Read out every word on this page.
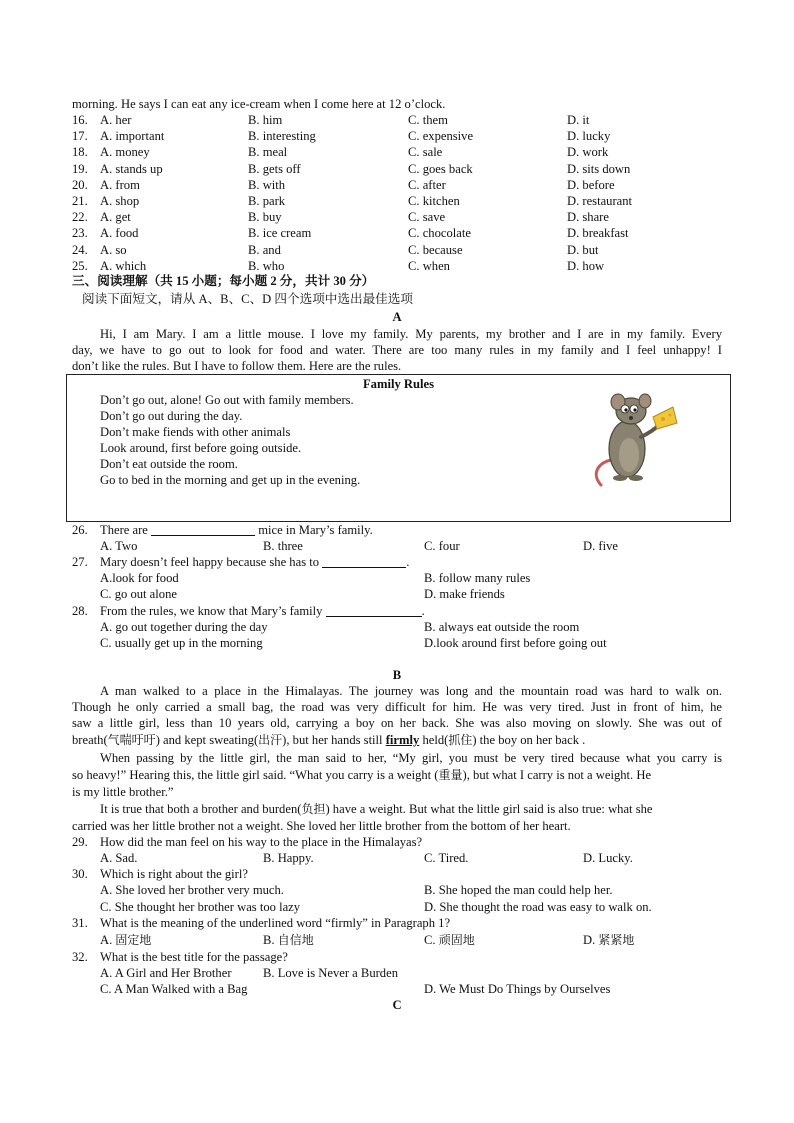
morning. He says I can eat any ice-cream when I come here at 12 o’clock.
16. A. her	B. him	C. them	D. it
17. A. important	B. interesting	C. expensive	D. lucky
18. A. money	B. meal	C. sale	D. work
19. A. stands up	B. gets off	C. goes back	D. sits down
20. A. from	B. with	C. after	D. before
21. A. shop	B. park	C. kitchen	D. restaurant
22. A. get	B. buy	C. save	D. share
23. A. food	B. ice cream	C. chocolate	D. breakfast
24. A. so	B. and	C. because	D. but
25. A. which	B. who	C. when	D. how
三、阅读理解（共 15 小题；每小题 2 分，共计 30 分）
阅读下面短文，请从 A、B、C、D 四个选项中选出最佳选项
A
Hi, I am Mary. I am a little mouse. I love my family. My parents, my brother and I are in my family. Every
day, we have to go out to look for food and water. There are too many rules in my family and I feel unhappy! I
don’t like the rules. But I have to follow them. Here are the rules.
Family Rules
Don’t go out, alone! Go out with family members.
Don’t go out during the day.
Don’t make fiends with other animals
Look around, first before going outside.
Don’t eat outside the room.
Go to bed in the morning and get up in the evening.
26. There are	mice in Mary’s family.
A. Two	B. three	C. four	D. five
27. Mary doesn’t feel happy because she has to	.
A.look for food	B. follow many rules
C. go out alone	D. make friends
28. From the rules, we know that Mary’s family	.
A. go out together during the day	B. always eat outside the room
C. usually get up in the morning	D.look around first before going out
B
A man walked to a place in the Himalayas. The journey was long and the mountain road was hard to walk on.
Though he only carried a small bag, the road was very difficult for him. He was very tired. Just in front of him, he
saw a little girl, less than 10 years old, carrying a boy on her back. She was also moving on slowly. She was out of
breath(气喘吁吁) and kept sweating(出汗), but her hands still firmly held(抓住) the boy on her back .
When passing by the little girl, the man said to her, “My girl, you must be very tired because what you carry is
so heavy!” Hearing this, the little girl said. “What you carry is a weight (重量), but what I carry is not a weight. He
is my little brother.”
It is true that both a brother and burden(负担) have a weight. But what the little girl said is also true: what she
carried was her little brother not a weight. She loved her little brother from the bottom of her heart.
29. How did the man feel on his way to the place in the Himalayas?
A. Sad.	B. Happy.	C. Tired.	D. Lucky.
30. Which is right about the girl?
A. She loved her brother very much.	B. She hoped the man could help her.
C. She thought her brother was too lazy	D. She thought the road was easy to walk on.
31. What is the meaning of the underlined word “firmly” in Paragraph 1?
A. 固定地	B. 自信地	C. 顽固地	D. 紧紧地
32. What is the best title for the passage?
A. A Girl and Her Brother B. Love is Never a Burden
C. A Man Walked with a Bag	D. We Must Do Things by Ourselves
C
